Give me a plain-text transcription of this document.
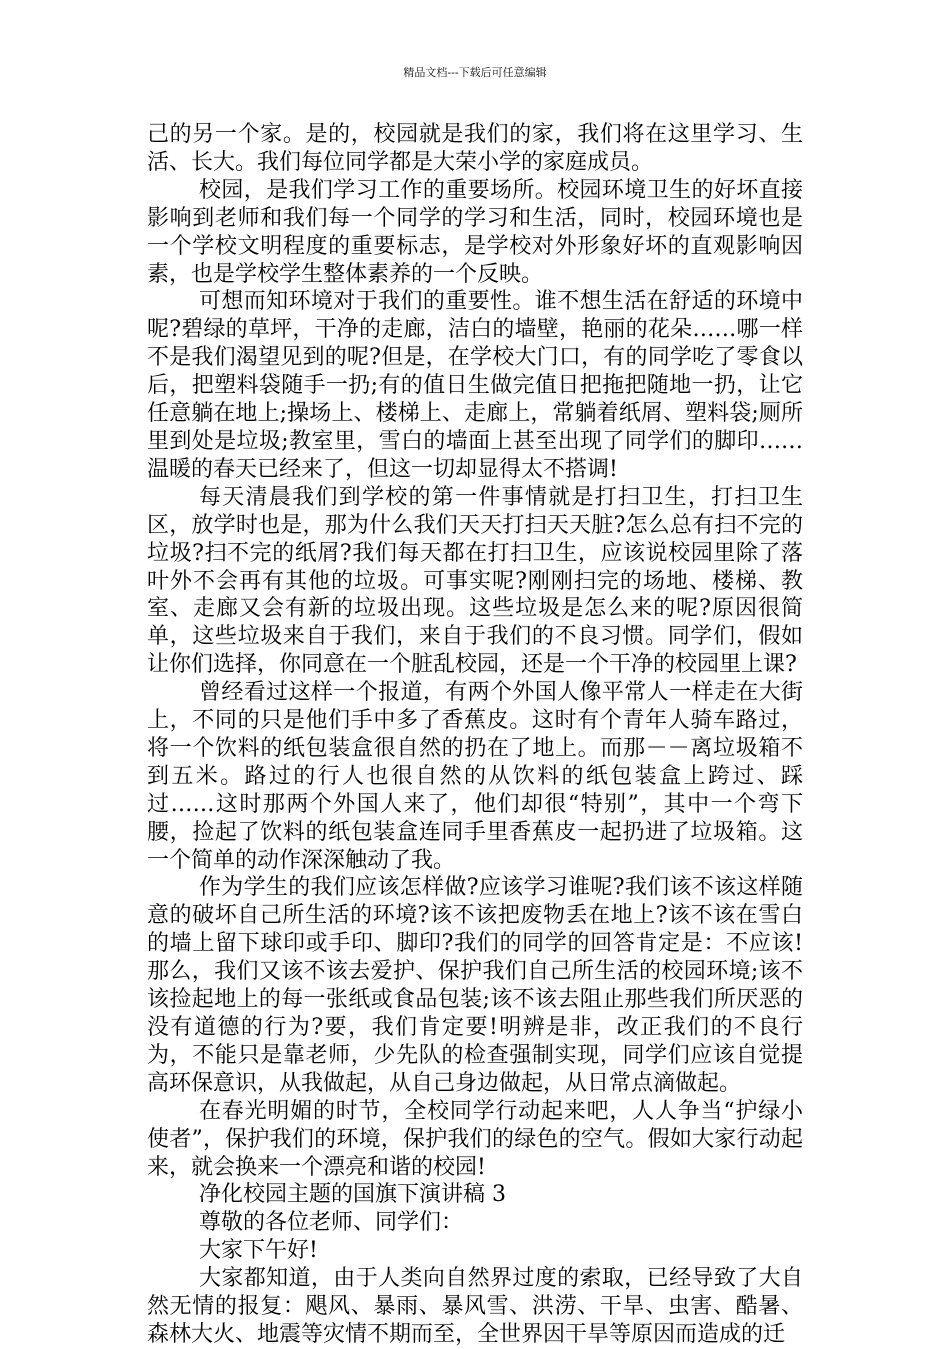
精品文档---下载后可任意编辑

己的另一个家。是的，校园就是我们的家，我们将在这里学习、生活、长大。我们每位同学都是大荣小学的家庭成员。

校园，是我们学习工作的重要场所。校园环境卫生的好坏直接影响到老师和我们每一个同学的学习和生活，同时，校园环境也是一个学校文明程度的重要标志，是学校对外形象好坏的直观影响因素，也是学校学生整体素养的一个反映。

可想而知环境对于我们的重要性。谁不想生活在舒适的环境中呢?碧绿的草坪，干净的走廊，洁白的墙壁，艳丽的花朵……哪一样不是我们渴望见到的呢?但是，在学校大门口，有的同学吃了零食以后，把塑料袋随手一扔;有的值日生做完值日把拖把随地一扔，让它任意躺在地上;操场上、楼梯上、走廊上，常躺着纸屑、塑料袋;厕所里到处是垃圾;教室里，雪白的墙面上甚至出现了同学们的脚印……温暖的春天已经来了，但这一切却显得太不搭调!

每天清晨我们到学校的第一件事情就是打扫卫生，打扫卫生区，放学时也是，那为什么我们天天打扫天天脏?怎么总有扫不完的垃圾?扫不完的纸屑?我们每天都在打扫卫生，应该说校园里除了落叶外不会再有其他的垃圾。可事实呢?刚刚扫完的场地、楼梯、教室、走廊又会有新的垃圾出现。这些垃圾是怎么来的呢?原因很简单，这些垃圾来自于我们，来自于我们的不良习惯。同学们，假如让你们选择，你同意在一个脏乱校园，还是一个干净的校园里上课?

曾经看过这样一个报道，有两个外国人像平常人一样走在大街上，不同的只是他们手中多了香蕉皮。这时有个青年人骑车路过，将一个饮料的纸包装盒很自然的扔在了地上。而那－－离垃圾箱不到五米。路过的行人也很自然的从饮料的纸包装盒上跨过、踩过……这时那两个外国人来了，他们却很“特别”，其中一个弯下腰，捡起了饮料的纸包装盒连同手里香蕉皮一起扔进了垃圾箱。这一个简单的动作深深触动了我。

作为学生的我们应该怎样做?应该学习谁呢?我们该不该这样随意的破坏自己所生活的环境?该不该把废物丢在地上?该不该在雪白的墙上留下球印或手印、脚印?我们的同学的回答肯定是：不应该!那么，我们又该不该去爱护、保护我们自己所生活的校园环境;该不该捡起地上的每一张纸或食品包装;该不该去阻止那些我们所厌恶的没有道德的行为?要，我们肯定要!明辨是非，改正我们的不良行为，不能只是靠老师，少先队的检查强制实现，同学们应该自觉提高环保意识，从我做起，从自己身边做起，从日常点滴做起。

在春光明媚的时节，全校同学行动起来吧，人人争当“护绿小使者”，保护我们的环境，保护我们的绿色的空气。假如大家行动起来，就会换来一个漂亮和谐的校园!

净化校园主题的国旗下演讲稿 3

尊敬的各位老师、同学们：

大家下午好!

大家都知道，由于人类向自然界过度的索取，已经导致了大自然无情的报复：飓风、暴雨、暴风雪、洪涝、干旱、虫害、酷暑、森林大火、地震等灾情不期而至，全世界因干旱等原因而造成的迁
